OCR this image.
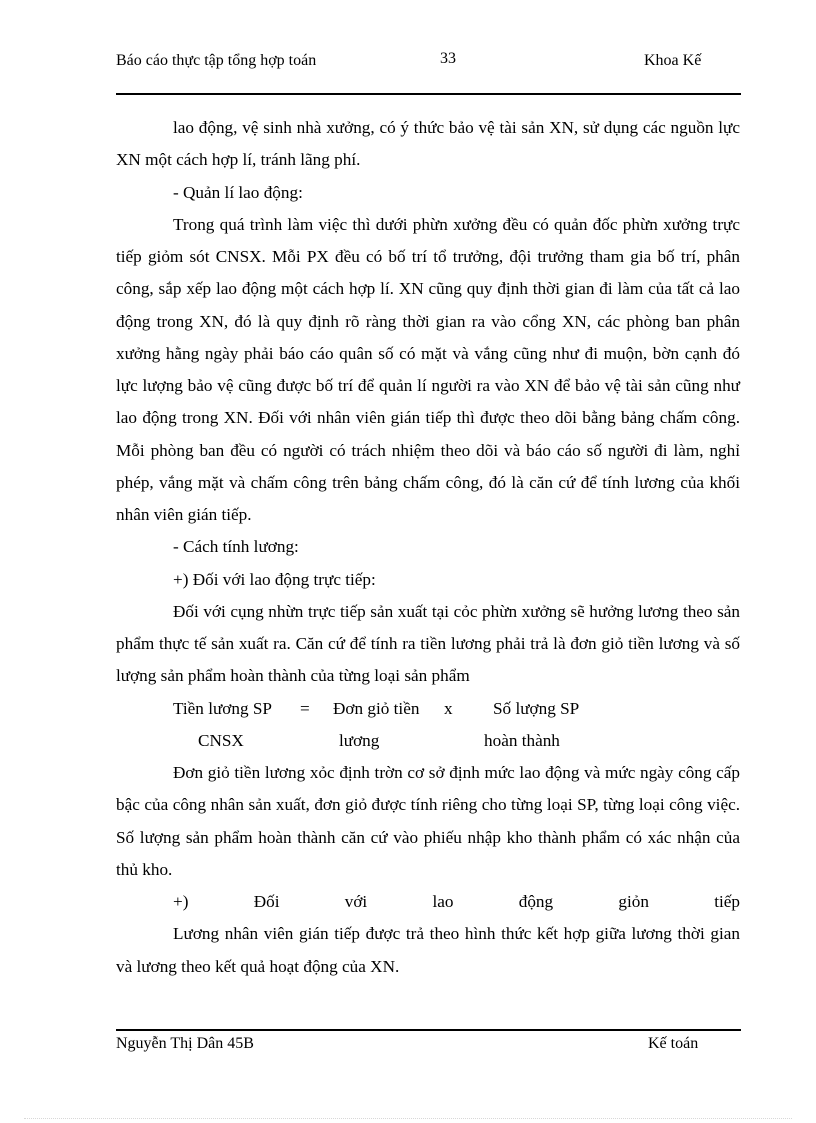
Báo cáo thực tập tổng hợp toán	33	Khoa Kế

lao động, vệ sinh nhà xưởng, có ý thức bảo vệ tài sản XN, sử dụng các nguồn lực XN một cách hợp lí, tránh lãng phí.

- Quản lí lao động:

Trong quá trình làm việc thì dưới phừn xưởng đều có quản đốc phừn xưởng trực tiếp giỏm sót CNSX. Mỗi PX đều có bố trí tổ trưởng, đội trưởng tham gia bố trí, phân công, sắp xếp lao động một cách hợp lí. XN cũng quy định thời gian đi làm của tất cả lao động trong XN, đó là quy định rõ ràng thời gian ra vào cổng XN, các phòng ban phân xưởng hằng ngày phải báo cáo quân số có mặt và vắng cũng như đi muộn, bờn cạnh đó lực lượng bảo vệ cũng được bố trí để quản lí người ra vào XN để bảo vệ tài sản cũng như lao động trong XN. Đối với nhân viên gián tiếp thì được theo dõi bằng bảng chấm công. Mỗi phòng ban đều có người có trách nhiệm theo dõi và báo cáo số người đi làm, nghỉ phép, vắng mặt và chấm công trên bảng chấm công, đó là căn cứ để tính lương của khối nhân viên gián tiếp.

- Cách tính lương:

+) Đối với lao động trực tiếp:

Đối với cụng nhừn trực tiếp sản xuất tại cỏc phừn xưởng sẽ hưởng lương theo sản phẩm thực tế sản xuất ra. Căn cứ để tính ra tiền lương phải trả là đơn giỏ tiền lương và số lượng sản phẩm hoàn thành của từng loại sản phẩm

Tiền lương SP = Đơn giỏ tiền x Số lượng SP
CNSX	lương	hoàn thành

Đơn giỏ tiền lương xỏc định trờn cơ sở định mức lao động và mức ngày công cấp bậc của công nhân sản xuất, đơn giỏ được tính riêng cho từng loại SP, từng loại công việc. Số lượng sản phẩm hoàn thành căn cứ vào phiếu nhập kho thành phẩm có xác nhận của thủ kho.

+)	Đối	với	lao	động	giỏn	tiếp

Lương nhân viên gián tiếp được trả theo hình thức kết hợp giữa lương thời gian và lương theo kết quả hoạt động của XN.

Nguyễn Thị Dân 45B	Kế toán
